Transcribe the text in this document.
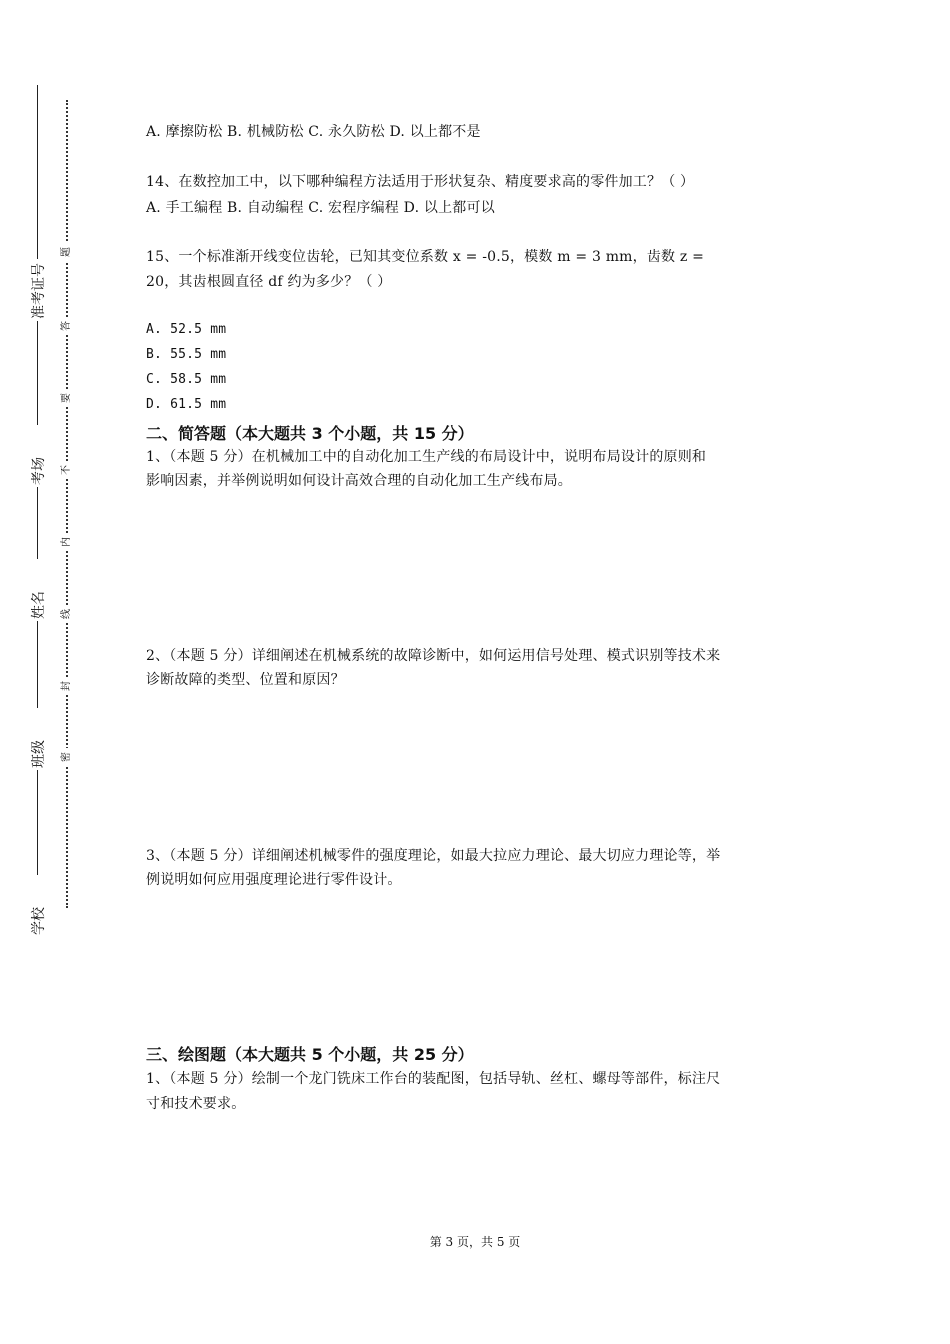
准考证号
考场
姓名
班级
学校
题
答
要
不
内
线
封
密
A. 摩擦防松 B. 机械防松 C. 永久防松 D. 以上都不是
14、在数控加工中，以下哪种编程方法适用于形状复杂、精度要求高的零件加工？（ ）
A. 手工编程 B. 自动编程 C. 宏程序编程 D. 以上都可以
15、一个标准渐开线变位齿轮，已知其变位系数 x = -0.5，模数 m = 3 mm，齿数 z =
20，其齿根圆直径 df 约为多少？（ ）
A. 52.5 mm
B. 55.5 mm
C. 58.5 mm
D. 61.5 mm
二、简答题（本大题共 3 个小题，共 15 分）
1、（本题 5 分）在机械加工中的自动化加工生产线的布局设计中，说明布局设计的原则和
影响因素，并举例说明如何设计高效合理的自动化加工生产线布局。
2、（本题 5 分）详细阐述在机械系统的故障诊断中，如何运用信号处理、模式识别等技术来
诊断故障的类型、位置和原因？
3、（本题 5 分）详细阐述机械零件的强度理论，如最大拉应力理论、最大切应力理论等，举
例说明如何应用强度理论进行零件设计。
三、绘图题（本大题共 5 个小题，共 25 分）
1、（本题 5 分）绘制一个龙门铣床工作台的装配图，包括导轨、丝杠、螺母等部件，标注尺
寸和技术要求。
第 3 页，共 5 页
